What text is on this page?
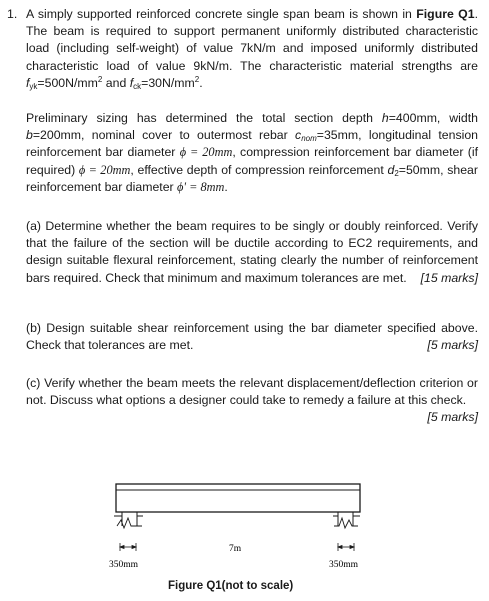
1. A simply supported reinforced concrete single span beam is shown in Figure Q1. The beam is required to support permanent uniformly distributed characteristic load (including self-weight) of value 7kN/m and imposed uniformly distributed characteristic load of value 9kN/m. The characteristic material strengths are $f_{yk}=500N/mm^2$ and $f_{ck}=30N/mm^2$.
Preliminary sizing has determined the total section depth h=400mm, width b=200mm, nominal cover to outermost rebar $c_{nom}=35mm$, longitudinal tension reinforcement bar diameter ϕ = 20mm, compression reinforcement bar diameter (if required) ϕ = 20mm, effective depth of compression reinforcement $d_2=50mm$, shear reinforcement bar diameter ϕ' = 8mm.
(a) Determine whether the beam requires to be singly or doubly reinforced. Verify that the failure of the section will be ductile according to EC2 requirements, and design suitable flexural reinforcement, stating clearly the number of reinforcement bars required. Check that minimum and maximum tolerances are met. [15 marks]
(b) Design suitable shear reinforcement using the bar diameter specified above. Check that tolerances are met.	[5 marks]
(c) Verify whether the beam meets the relevant displacement/deflection criterion or not. Discuss what options a designer could take to remedy a failure at this check.
[5 marks]
7m
350mm	350mm
Figure Q1(not to scale)
